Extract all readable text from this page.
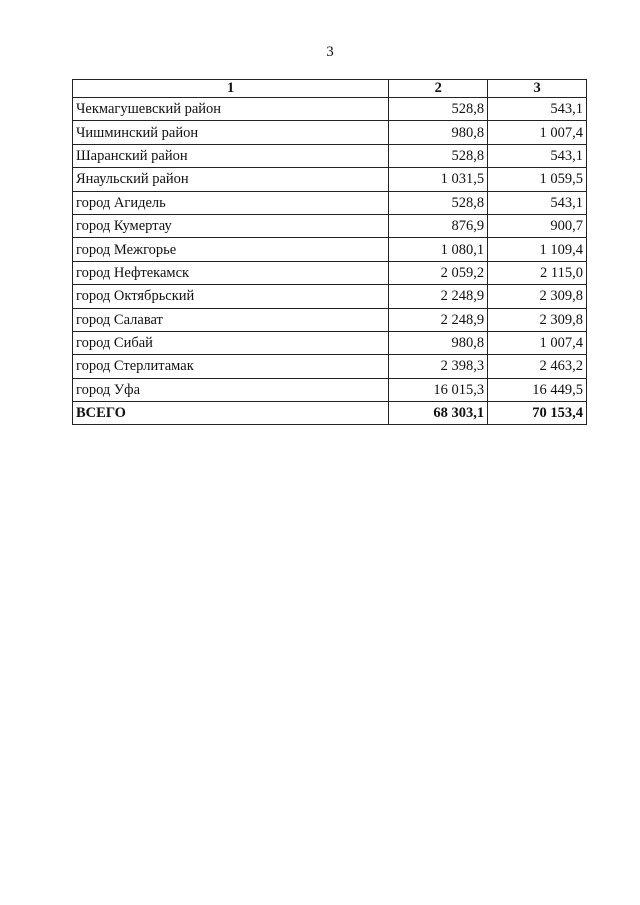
3
1	2	3
Чекмагушевский район	528,8	543,1
Чишминский район	980,8	1 007,4
Шаранский район	528,8	543,1
Янаульский район	1 031,5	1 059,5
город Агидель	528,8	543,1
город Кумертау	876,9	900,7
город Межгорье	1 080,1	1 109,4
город Нефтекамск	2 059,2	2 115,0
город Октябрьский	2 248,9	2 309,8
город Салават	2 248,9	2 309,8
город Сибай	980,8	1 007,4
город Стерлитамак	2 398,3	2 463,2
город Уфа	16 015,3	16 449,5
ВСЕГО	68 303,1	70 153,4
